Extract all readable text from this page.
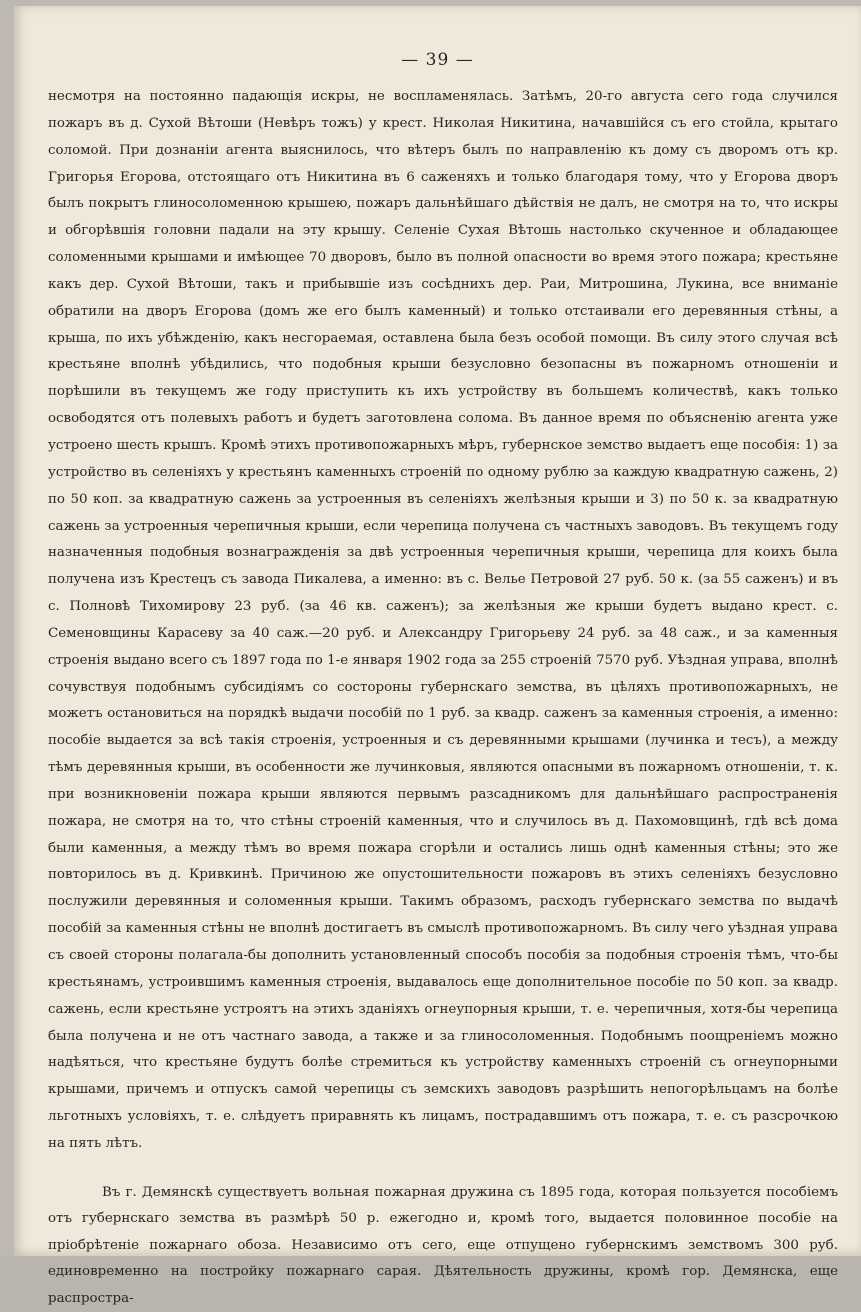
— 39 —

несмотря на постоянно падающія искры, не воспламенялась. Затѣмъ, 20-го августа сего года случился пожаръ въ д. Сухой Вѣтоши (Невѣръ тожъ) у крест. Николая Никитина, начавшійся съ его стойла, крытаго соломой. При дознаніи агента выяснилось, что вѣтеръ былъ по направленію къ дому съ дворомъ отъ кр. Григорья Егорова, отстоящаго отъ Никитина въ 6 саженяхъ и только благодаря тому, что у Егорова дворъ былъ покрытъ глиносоломенною крышею, пожаръ дальнѣйшаго дѣйствія не далъ, не смотря на то, что искры и обгорѣвшія головни падали на эту крышу. Селеніе Сухая Вѣтошь настолько скученное и обладающее соломенными крышами и имѣющее 70 дворовъ, было въ полной опасности во время этого пожара; крестьяне какъ дер. Сухой Вѣтоши, такъ и прибывшіе изъ сосѣднихъ дер. Раи, Митрошина, Лукина, все вниманіе обратили на дворъ Егорова (домъ же его былъ каменный) и только отстаивали его деревянныя стѣны, а крыша, по ихъ убѣжденію, какъ несгораемая, оставлена была безъ особой помощи. Въ силу этого случая всѣ крестьяне вполнѣ убѣдились, что подобныя крыши безусловно безопасны въ пожарномъ отношеніи и порѣшили въ текущемъ же году приступить къ ихъ устройству въ большемъ количествѣ, какъ только освободятся отъ полевыхъ работъ и будетъ заготовлена солома. Въ данное время по объясненію агента уже устроено шесть крышъ. Кромѣ этихъ противопожарныхъ мѣръ, губернское земство выдаетъ еще пособія: 1) за устройство въ селеніяхъ у крестьянъ каменныхъ строеній по одному рублю за каждую квадратную сажень, 2) по 50 коп. за квадратную сажень за устроенныя въ селеніяхъ желѣзныя крыши и 3) по 50 к. за квадратную сажень за устроенныя черепичныя крыши, если черепица получена съ частныхъ заводовъ. Въ текущемъ году назначенныя подобныя вознагражденія за двѣ устроенныя черепичныя крыши, черепица для коихъ была получена изъ Крестецъ съ завода Пикалева, а именно: въ с. Велье Петровой 27 руб. 50 к. (за 55 саженъ) и въ с. Полновѣ Тихомирову 23 руб. (за 46 кв. саженъ); за желѣзныя же крыши будетъ выдано крест. с. Семеновщины Карасеву за 40 саж.—20 руб. и Александру Григорьеву 24 руб. за 48 саж., и за каменныя строенія выдано всего съ 1897 года по 1-е января 1902 года за 255 строеній 7570 руб. Уѣздная управа, вполнѣ сочувствуя подобнымъ субсидіямъ со состороны губернскаго земства, въ цѣляхъ противопожарныхъ, не можетъ остановиться на порядкѣ выдачи пособій по 1 руб. за квадр. саженъ за каменныя строенія, а именно: пособіе выдается за всѣ такія строенія, устроенныя и съ деревянными крышами (лучинка и тесъ), а между тѣмъ деревянныя крыши, въ особенности же лучинковыя, являются опасными въ пожарномъ отношеніи, т. к. при возникновеніи пожара крыши являются первымъ разсадникомъ для дальнѣйшаго распространенія пожара, не смотря на то, что стѣны строеній каменныя, что и случилось въ д. Пахомовщинѣ, гдѣ всѣ дома были каменныя, а между тѣмъ во время пожара сгорѣли и остались лишь однѣ каменныя стѣны; это же повторилось въ д. Кривкинѣ. Причиною же опустошительности пожаровъ въ этихъ селеніяхъ безусловно послужили деревянныя и соломенныя крыши. Такимъ образомъ, расходъ губернскаго земства по выдачѣ пособій за каменныя стѣны не вполнѣ достигаетъ въ смыслѣ противопожарномъ. Въ силу чего уѣздная управа съ своей стороны полагала-бы дополнить установленный способъ пособія за подобныя строенія тѣмъ, что-бы крестьянамъ, устроившимъ каменныя строенія, выдавалось еще дополнительное пособіе по 50 коп. за квадр. сажень, если крестьяне устроятъ на этихъ зданіяхъ огнеупорныя крыши, т. е. черепичныя, хотя-бы черепица была получена и не отъ частнаго завода, а также и за глиносоломенныя. Подобнымъ поощреніемъ можно надѣяться, что крестьяне будутъ болѣе стремиться къ устройству каменныхъ строеній съ огнеупорными крышами, причемъ и отпускъ самой черепицы съ земскихъ заводовъ разрѣшить непогорѣльцамъ на болѣе льготныхъ условіяхъ, т. е. слѣдуетъ приравнять къ лицамъ, пострадавшимъ отъ пожара, т. е. съ разсрочкою на пять лѣтъ.

Въ г. Демянскѣ существуетъ вольная пожарная дружина съ 1895 года, которая пользуется пособіемъ отъ губернскаго земства въ размѣрѣ 50 р. ежегодно и, кромѣ того, выдается половинное пособіе на пріобрѣтеніе пожарнаго обоза. Независимо отъ сего, еще отпущено губернскимъ земствомъ 300 руб. единовременно на постройку пожарнаго сарая. Дѣятельность дружины, кромѣ гор. Демянска, еще распростра-
